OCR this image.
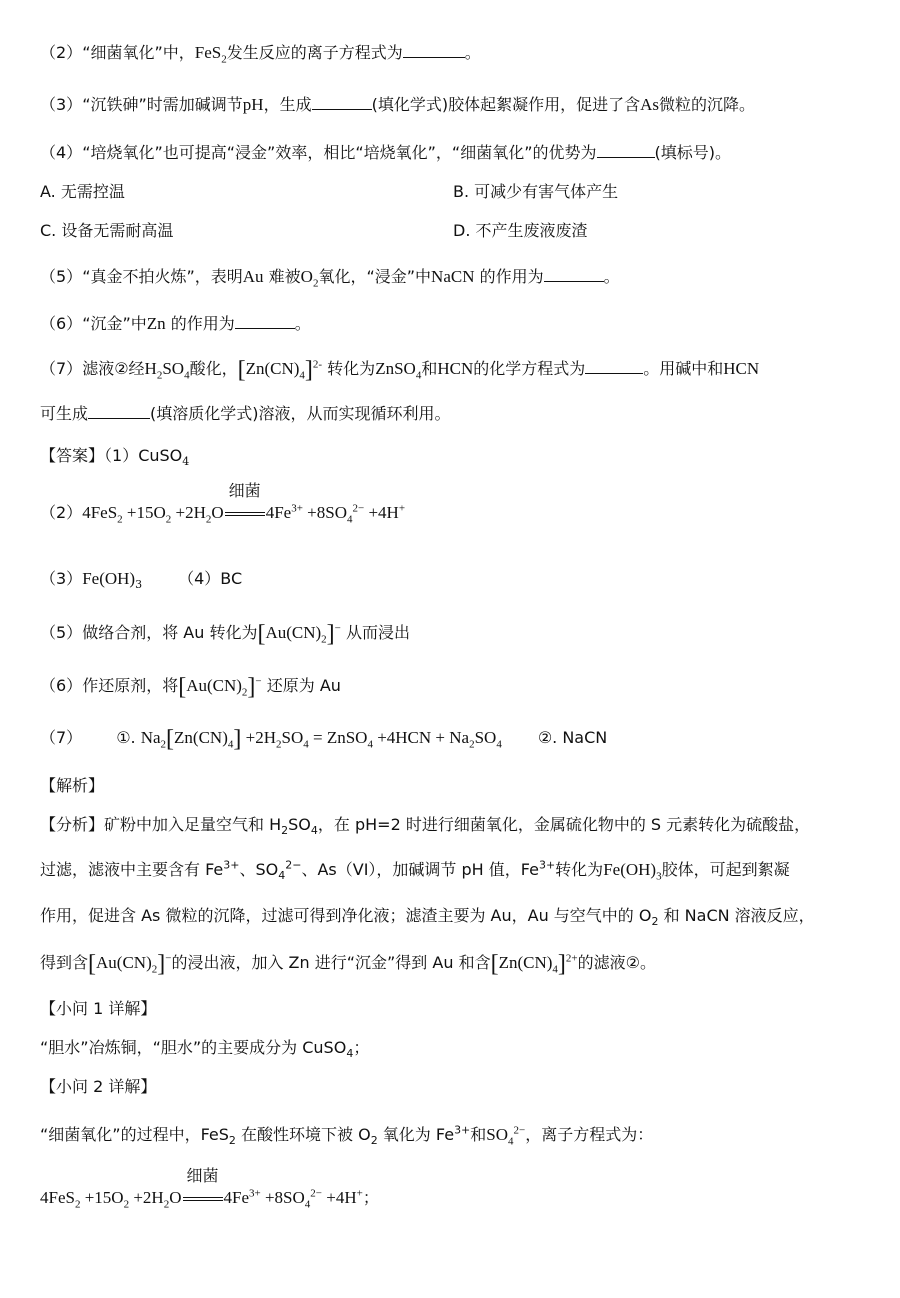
（2）“细菌氧化”中，FeS$_2$发生反应的离子方程式为	。
（3）“沉铁砷”时需加碱调节pH，生成	(填化学式)胶体起絮凝作用，促进了含As微粒的沉降。
（4）“培烧氧化”也可提高“浸金”效率，相比“培烧氧化”，“细菌氧化”的优势为	(填标号)。
A. 无需控温	B. 可减少有害气体产生
C. 设备无需耐高温	D. 不产生废液废渣
（5）“真金不拍火炼”，表明Au 难被$O_2$氧化，“浸金”中NaCN 的作用为	。
（6）“沉金”中Zn 的作用为	。
（7）滤液②经$H_2SO_4$酸化，$[Zn(CN)_4]^{2-}$ 转化为ZnSO$_4$和HCN的化学方程式为	。用碱中和HCN
可生成	(填溶质化学式)溶液，从而实现循环利用。
【答案】（1）CuSO$_4$
$(2)4FeS_2 +15O_2 +2H_2O$
细菌
$4Fe^{3+} +8SO_4^{2-} +4H^+$
$(3)Fe(OH)_3$ （4）BC
（5）做络合剂，将 Au 转化为$[Au(CN)_2]^-$ 从而浸出
（6）作还原剂，将$[Au(CN)_2]^-$ 还原为 Au
（7） ①. $Na_2[Zn(CN)_4] +2H_2SO_4$ = ZnSO$_4$ $+4HCN + Na_2SO_4$ ②. NaCN
【解析】
【分析】矿粉中加入足量空气和 $H_2SO_4$，在 pH=2 时进行细菌氧化，金属硫化物中的 S 元素转化为硫酸盐，
过滤，滤液中主要含有 $Fe^{3+}$、$SO_4^{2-}$、As（VI），加碱调节 pH 值，$Fe^{3+}$转化为$Fe(OH)_3$胶体，可起到絮凝
作用，促进含 As 微粒的沉降，过滤可得到净化液；滤渣主要为 Au，Au 与空气中的 $O_2$ 和 NaCN 溶液反应，
得到含$[Au(CN)_2]^-$的浸出液，加入 Zn 进行“沉金”得到 Au 和含$[Zn(CN)_4]^{2+}$的滤液②。
【小问 1 详解】
“胆水”冶炼铜，“胆水”的主要成分为 CuSO$_4$；
【小问 2 详解】
“细菌氧化”的过程中，FeS$_2$ 在酸性环境下被 $O_2$ 氧化为 $Fe^{3+}$和$SO_4^{2-}$，离子方程式为：
$4FeS_2 +15O_2 +2H_2O$
细菌
$4Fe^{3+} +8SO_4^{2-} +4H^+$；
